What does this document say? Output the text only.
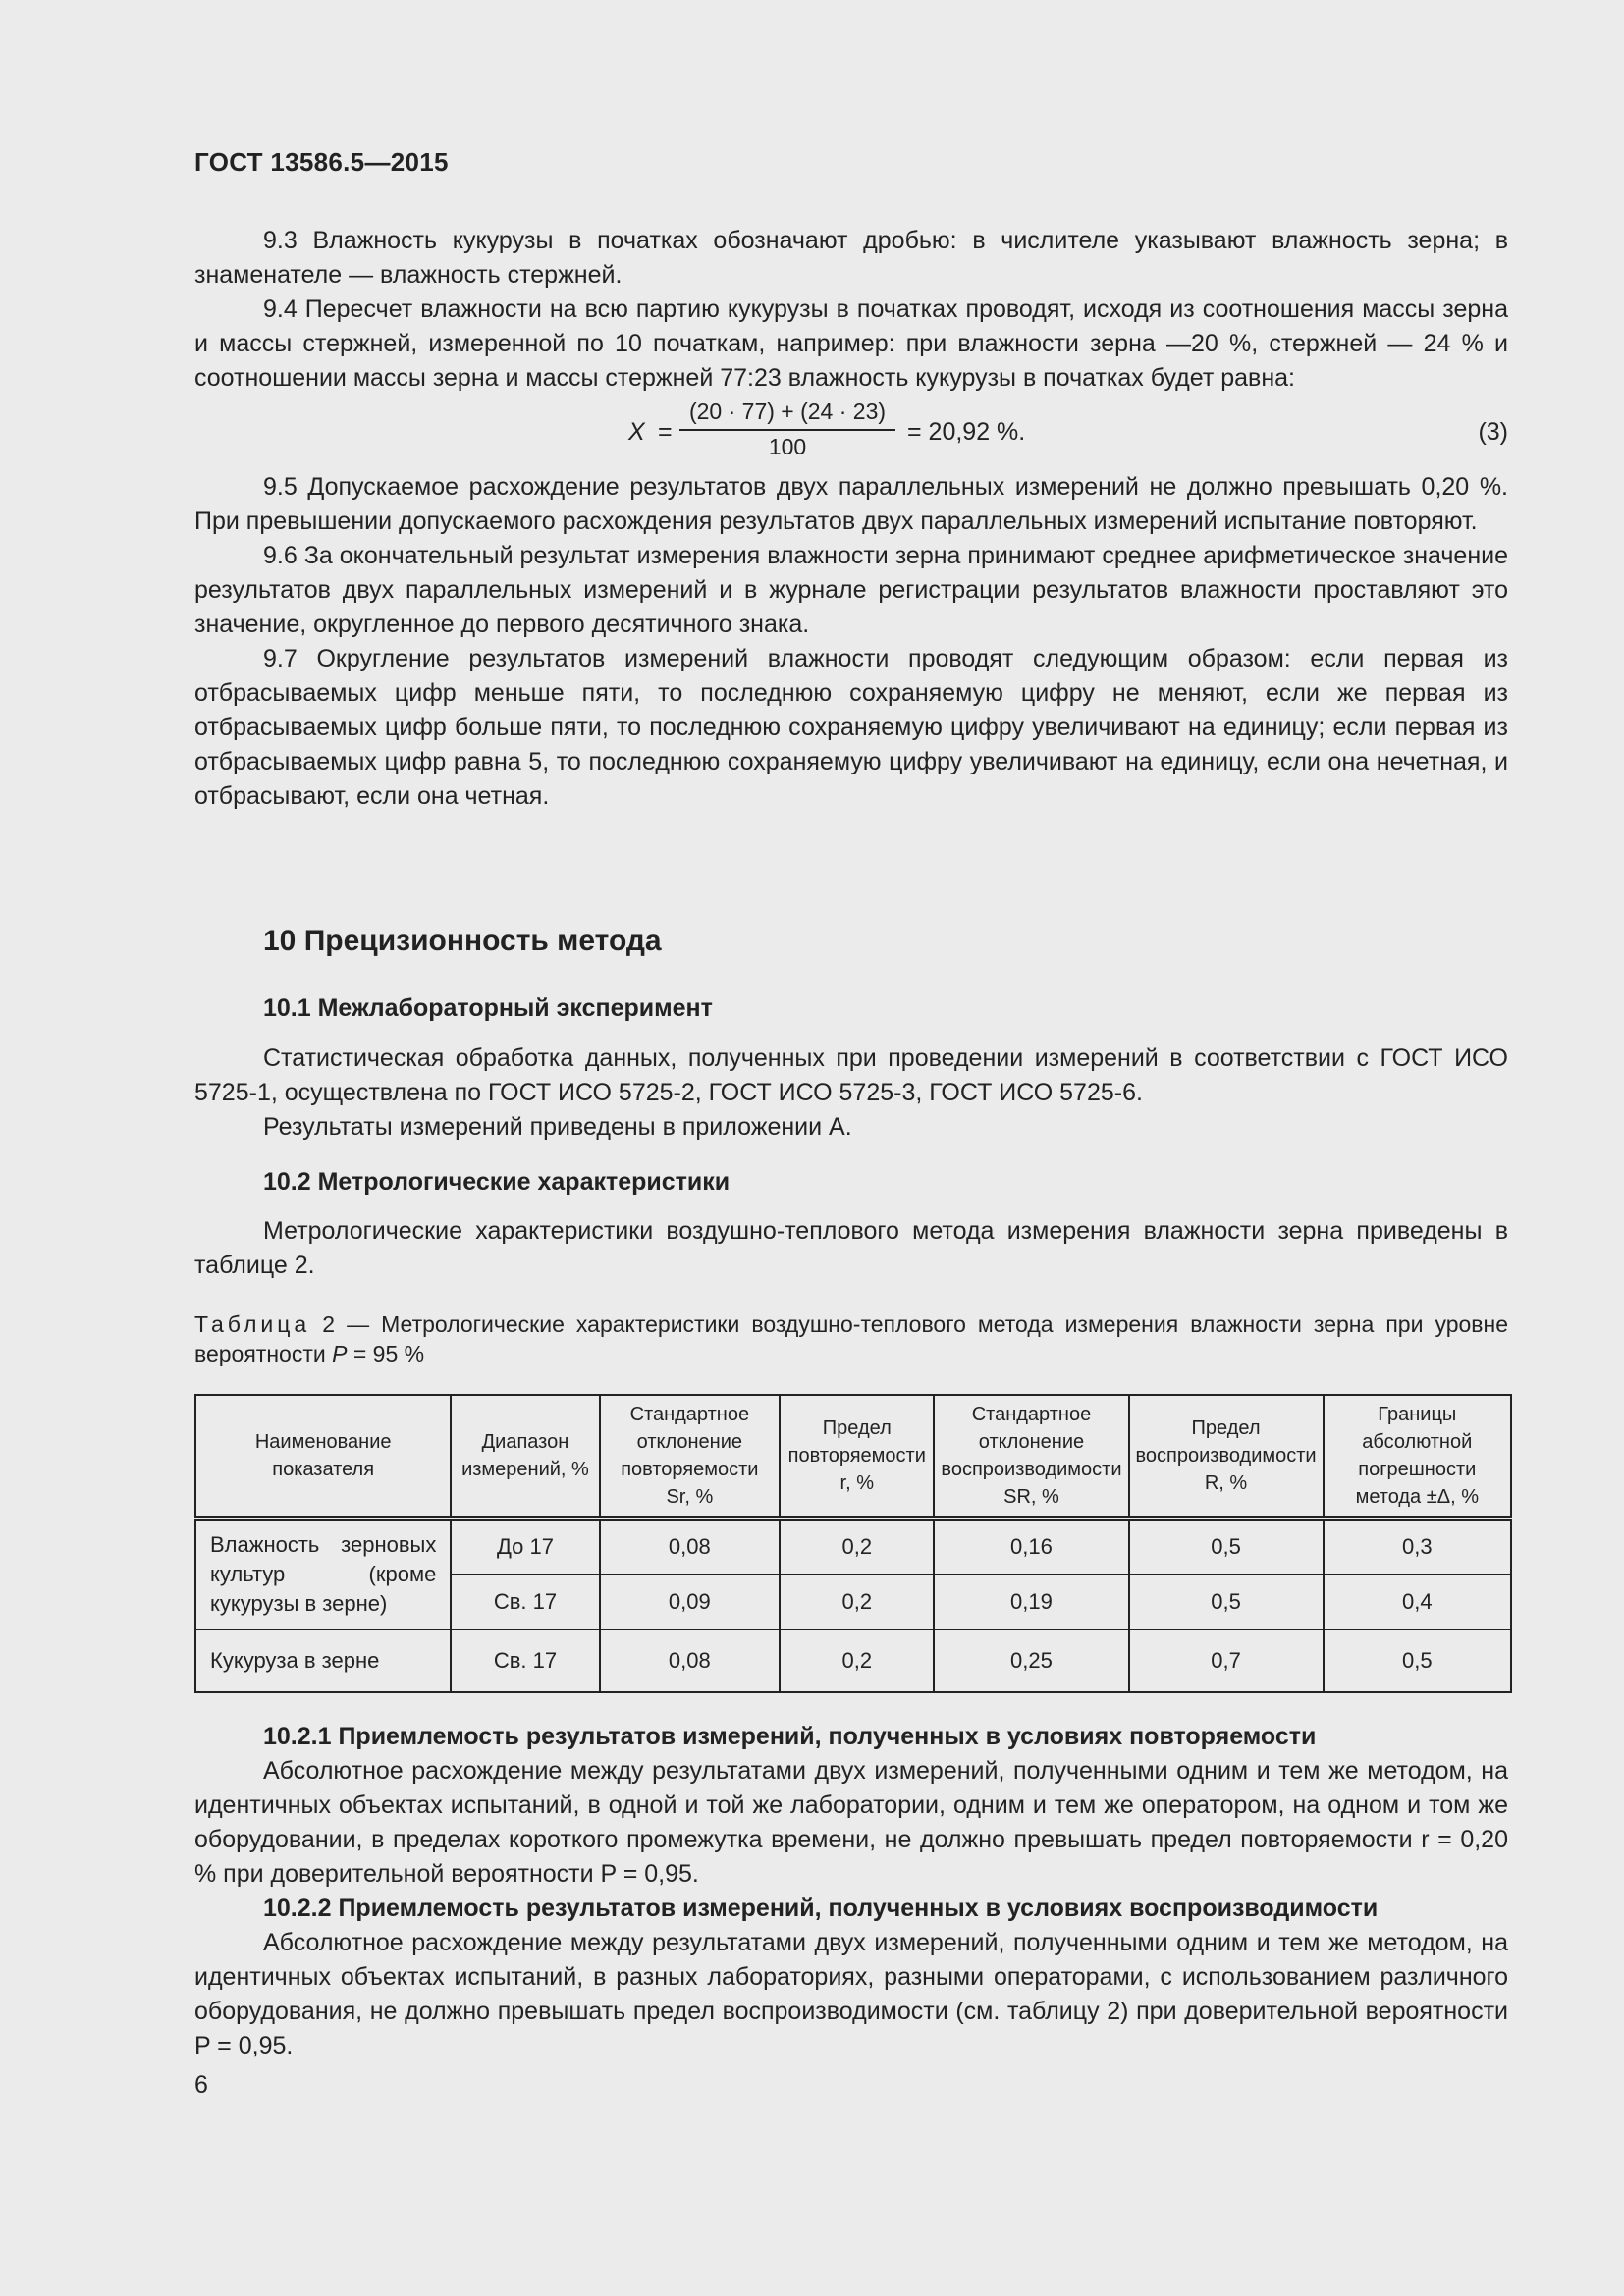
ГОСТ 13586.5—2015

9.3 Влажность кукурузы в початках обозначают дробью: в числителе указывают влажность зерна; в знаменателе — влажность стержней.

9.4 Пересчет влажности на всю партию кукурузы в початках проводят, исходя из соотношения массы зерна и массы стержней, измеренной по 10 початкам, например: при влажности зерна —20 %, стержней — 24 % и соотношении массы зерна и массы стержней 77:23 влажность кукурузы в початках будет равна:

X =
(20 · 77) + (24 · 23)
100
= 20,92 %.	(3)

9.5 Допускаемое расхождение результатов двух параллельных измерений не должно превышать 0,20 %. При превышении допускаемого расхождения результатов двух параллельных измерений испытание повторяют.

9.6 За окончательный результат измерения влажности зерна принимают среднее арифметическое значение результатов двух параллельных измерений и в журнале регистрации результатов влажности проставляют это значение, округленное до первого десятичного знака.

9.7 Округление результатов измерений влажности проводят следующим образом: если первая из отбрасываемых цифр меньше пяти, то последнюю сохраняемую цифру не меняют, если же первая из отбрасываемых цифр больше пяти, то последнюю сохраняемую цифру увеличивают на единицу; если первая из отбрасываемых цифр равна 5, то последнюю сохраняемую цифру увеличивают на единицу, если она нечетная, и отбрасывают, если она четная.

10 Прецизионность метода
10.1 Межлабораторный эксперимент

Статистическая обработка данных, полученных при проведении измерений в соответствии с ГОСТ ИСО 5725-1, осуществлена по ГОСТ ИСО 5725-2, ГОСТ ИСО 5725-3, ГОСТ ИСО 5725-6.

Результаты измерений приведены в приложении А.

10.2 Метрологические характеристики

Метрологические характеристики воздушно-теплового метода измерения влажности зерна приведены в таблице 2.

Таблица 2 — Метрологические характеристики воздушно-теплового метода измерения влажности зерна при уровне вероятности P = 95 %
Наименование показателя	Диапазон измерений, %	Стандартное отклонение повторяемости Sr, %	Предел повторяемости r, %	Стандартное отклонение воспроизводимости SR, %	Предел воспроизводимости R, %	Границы абсолютной погрешности метода ±Δ, %
Влажность зерновых культур (кроме кукурузы в зерне)	До 17	0,08	0,2	0,16	0,5	0,3
	Св. 17	0,09	0,2	0,19	0,5	0,4
Кукуруза в зерне	Св. 17	0,08	0,2	0,25	0,7	0,5

10.2.1 Приемлемость результатов измерений, полученных в условиях повторяемости

Абсолютное расхождение между результатами двух измерений, полученными одним и тем же методом, на идентичных объектах испытаний, в одной и той же лаборатории, одним и тем же оператором, на одном и том же оборудовании, в пределах короткого промежутка времени, не должно превышать предел повторяемости r = 0,20 % при доверительной вероятности P = 0,95.

10.2.2 Приемлемость результатов измерений, полученных в условиях воспроизводимости

Абсолютное расхождение между результатами двух измерений, полученными одним и тем же методом, на идентичных объектах испытаний, в разных лабораториях, разными операторами, с использованием различного оборудования, не должно превышать предел воспроизводимости (см. таблицу 2) при доверительной вероятности P = 0,95.

6
